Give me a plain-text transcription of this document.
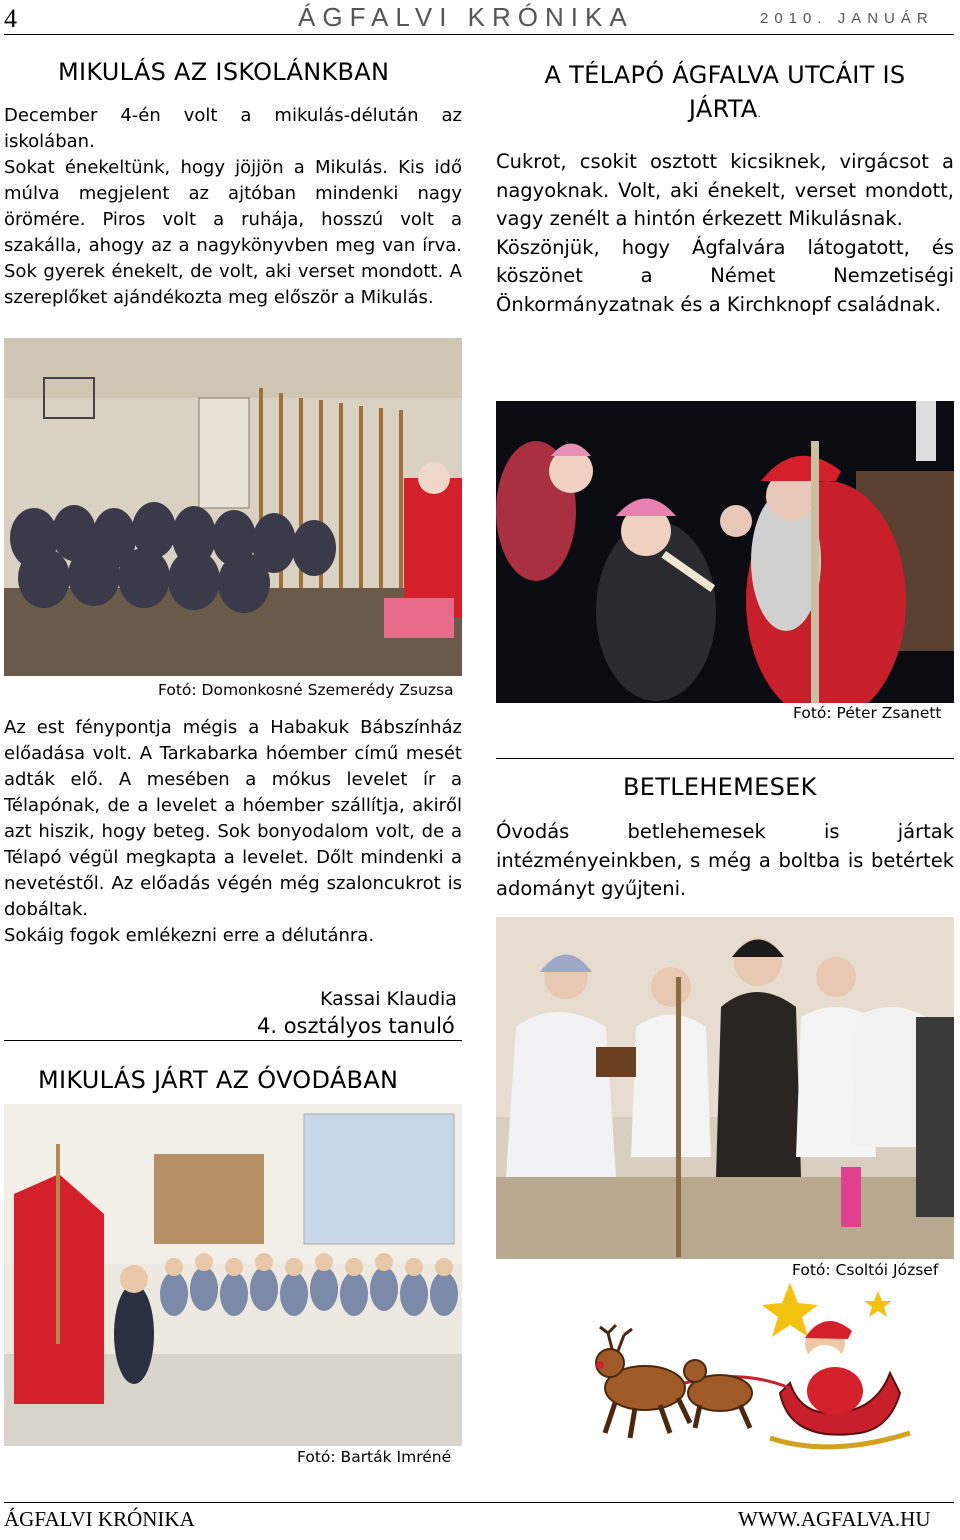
4	ÁGFALVI KRÓNIKA	2010. JANUÁR
MIKULÁS AZ ISKOLÁNKBAN

December 4-én volt a mikulás-délután az iskolában.

Sokat énekeltünk, hogy jöjjön a Mikulás. Kis idő múlva megjelent az ajtóban mindenki nagy örömére. Piros volt a ruhája, hosszú volt a szakálla, ahogy az a nagykönyvben meg van írva. Sok gyerek énekelt, de volt, aki verset mondott. A szereplőket ajándékozta meg először a Mikulás.

Fotó: Domonkosné Szemerédy Zsuzsa

Az est fénypontja mégis a Habakuk Bábszínház előadása volt. A Tarkabarka hóember című mesét adták elő. A mesében a mókus levelet ír a Télapónak, de a levelet a hóember szállítja, akiről azt hiszik, hogy beteg. Sok bonyodalom volt, de a Télapó végül megkapta a levelet. Dőlt mindenki a nevetéstől. Az előadás végén még szaloncukrot is dobáltak.

Sokáig fogok emlékezni erre a délutánra.

Kassai Klaudia
4. osztályos tanuló
MIKULÁS JÁRT AZ ÓVODÁBAN
Fotó: Barták Imréné
A TÉLAPÓ ÁGFALVA UTCÁIT IS
JÁRTA.

Cukrot, csokit osztott kicsiknek, virgácsot a nagyoknak. Volt, aki énekelt, verset mondott, vagy zenélt a hintón érkezett Mikulásnak.

Köszönjük, hogy Ágfalvára látogatott, és köszönet a Német Nemzetiségi Önkormányzatnak és a Kirchknopf családnak.

Fotó: Péter Zsanett
BETLEHEMESEK

Óvodás betlehemesek is jártak intézményeinkben, s még a boltba is betértek adományt gyűjteni.

Fotó: Csoltói József
ÁGFALVI KRÓNIKA	WWW.AGFALVA.HU
